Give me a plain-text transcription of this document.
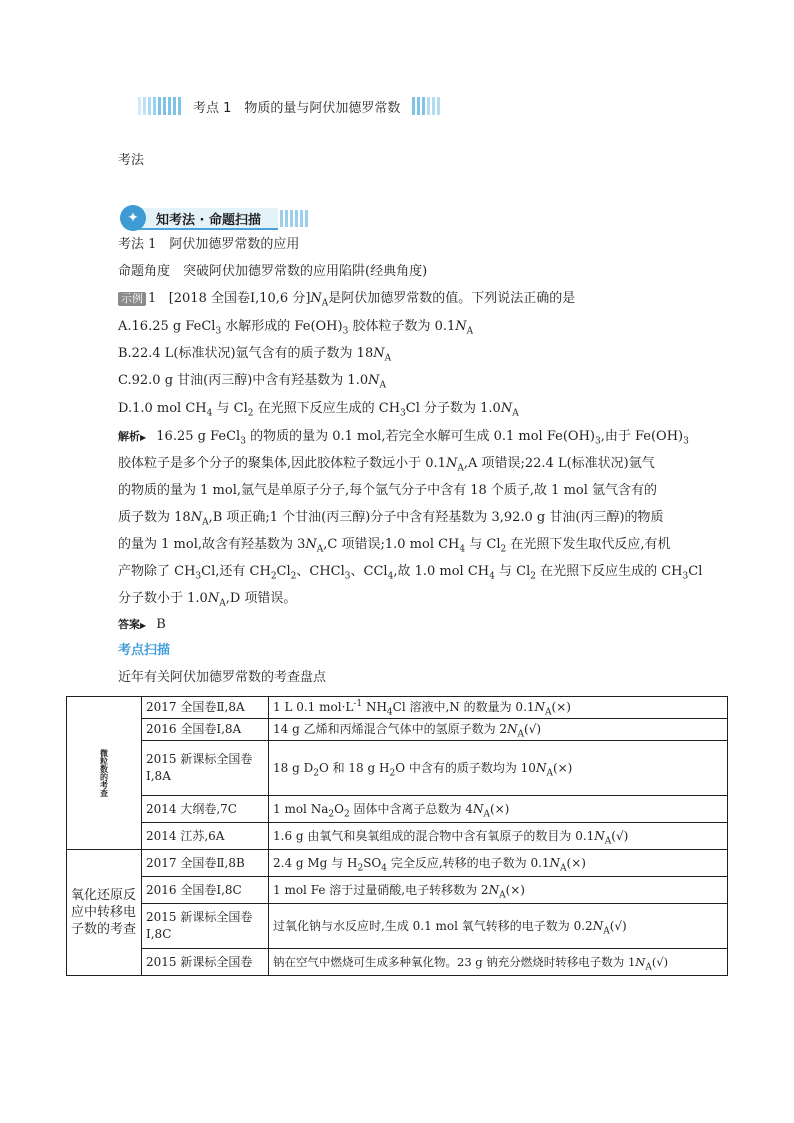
考点 1　物质的量与阿伏加德罗常数
考法
✦	知考法 · 命题扫描
考法 1　阿伏加德罗常数的应用
命题角度　突破阿伏加德罗常数的应用陷阱(经典角度)
示例 1 [2018 全国卷Ⅰ,10,6 分]$N_A$是阿伏加德罗常数的值。下列说法正确的是
A.16.25 g FeCl$_3$ 水解形成的 $Fe(OH)_3$ 胶体粒子数为 $0.1N_A$
B.22.4 L(标准状况)氩气含有的质子数为 $18N_A$
C.92.0 g 甘油(丙三醇)中含有羟基数为 $1.0N_A$
D.1.0 mol $CH_4$ 与 $Cl_2$ 在光照下反应生成的 $CH_3Cl$ 分子数为 $1.0N_A$
解析▶ 16.25 g FeCl$_3$ 的物质的量为 0.1 mol,若完全水解可生成 0.1 mol $Fe(OH)_3$,由于 $Fe(OH)_3$
胶体粒子是多个分子的聚集体,因此胶体粒子数远小于 $0.1N_A,A$ 项错误;22.4 L(标准状况)氩气
的物质的量为 1 mol,氩气是单原子分子,每个氩气分子中含有 18 个质子,故 1 mol 氩气含有的
质子数为 $18N_A,B$ 项正确;1 个甘油(丙三醇)分子中含有羟基数为 3,92.0 g 甘油(丙三醇)的物质
的量为 1 mol,故含有羟基数为 $3N_A,C$ 项错误;1.0 mol $CH_4$ 与 $Cl_2$ 在光照下发生取代反应,有机
产物除了 $CH_3Cl$,还有 $CH_2Cl_2$、CHCl$_3$、CCl$_4$,故 1.0 mol $CH_4$ 与 $Cl_2$ 在光照下反应生成的 $CH_3Cl$
分子数小于 $1.0N_A,D$ 项错误。
答案▶ B
考点扫描
近年有关阿伏加德罗常数的考查盘点
微粒数的考查	2017 全国卷Ⅱ,8A	1 L 0.1 $mol\cdot L^{-1}$ $NH_4Cl$ 溶液中,N 的数量为 $0.1N_A(\times)$
	2016 全国卷Ⅰ,8A	14 g 乙烯和丙烯混合气体中的氢原子数为 $2N_A(√)$
	2015 新课标全国卷
Ⅰ,8A	18 g $D_2O$ 和 18 g $H_2O$ 中含有的质子数均为 $10N_A(\times)$
	2014 大纲卷,7C	1 mol $Na_2O_2$ 固体中含离子总数为 $4N_A(\times)$
	2014 江苏,6A	1.6 g 由氧气和臭氧组成的混合物中含有氧原子的数目为 $0.1N_A(√)$
氧化还原反
应中转移电
子数的考查	2017 全国卷Ⅱ,8B	2.4 g Mg 与 $H_2SO_4$ 完全反应,转移的电子数为 $0.1N_A(\times)$
	2016 全国卷Ⅰ,8C	1 mol Fe 溶于过量硝酸,电子转移数为 $2N_A(\times)$
	2015 新课标全国卷
Ⅰ,8C	过氧化钠与水反应时,生成 0.1 mol 氧气转移的电子数为 $0.2N_A(√)$
	2015 新课标全国卷	钠在空气中燃烧可生成多种氧化物。23 g 钠充分燃烧时转移电子数为 $1N_A(√)$
